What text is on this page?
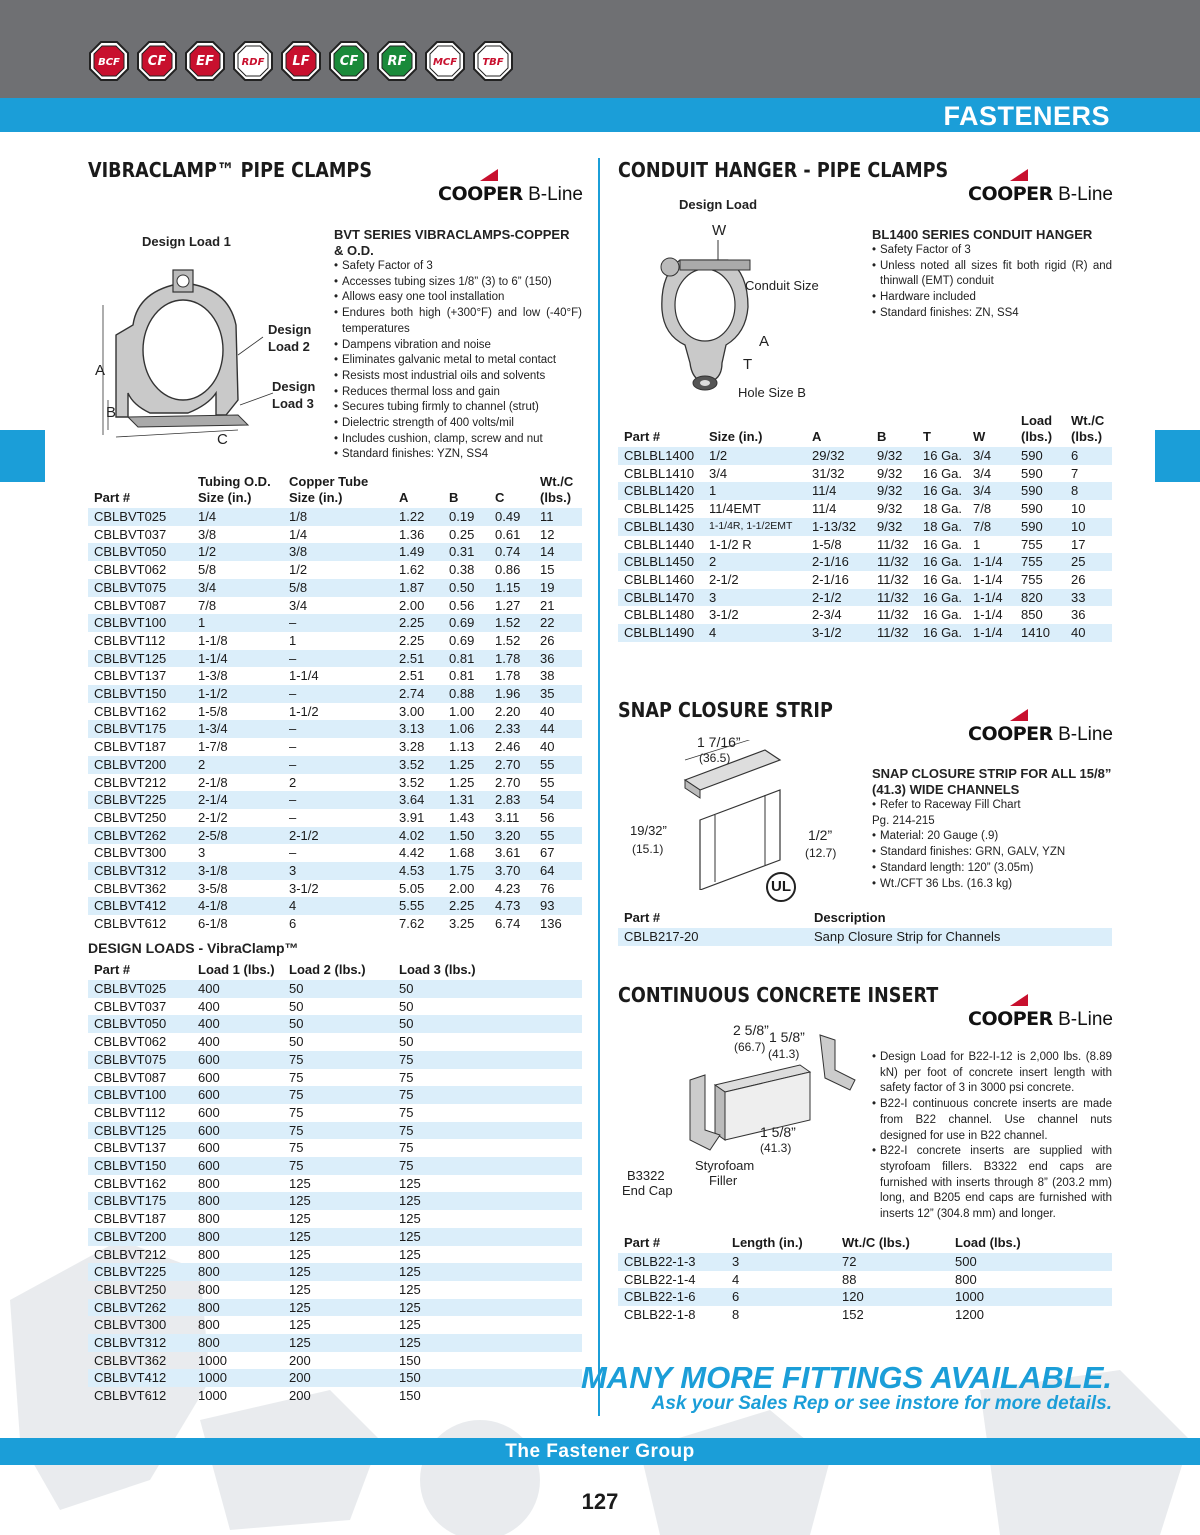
BCF CF EF	RDF LF CF RF	MCF	TBF
FASTENERS
VIBRACLAMP™ PIPE CLAMPS
COOPER B-Line
Design Load 1
Design Load 2
Design Load 3
A
B
C
BVT SERIES VIBRACLAMPS-COPPER & O.D.
• Safety Factor of 3
• Accesses tubing sizes 1/8” (3) to 6” (150)
• Allows easy one tool installation
• Endures both high (+300°F) and low (-40°F) temperatures
• Dampens vibration and noise
• Eliminates galvanic metal to metal contact
• Resists most industrial oils and solvents
• Reduces thermal loss and gain
• Secures tubing firmly to channel (strut)
• Dielectric strength of 400 volts/mil
• Includes cushion, clamp, screw and nut
• Standard finishes: YZN, SS4
Part #	Tubing O.D. Size (in.)	Copper Tube Size (in.)	A	B	C	Wt./C (lbs.)
CBLBVT025	1/4	1/8	1.22	0.19	0.49	11
CBLBVT037	3/8	1/4	1.36	0.25	0.61	12
CBLBVT050	1/2	3/8	1.49	0.31	0.74	14
CBLBVT062	5/8	1/2	1.62	0.38	0.86	15
CBLBVT075	3/4	5/8	1.87	0.50	1.15	19
CBLBVT087	7/8	3/4	2.00	0.56	1.27	21
CBLBVT100	1	–	2.25	0.69	1.52	22
CBLBVT112	1-1/8	1	2.25	0.69	1.52	26
CBLBVT125	1-1/4	–	2.51	0.81	1.78	36
CBLBVT137	1-3/8	1-1/4	2.51	0.81	1.78	38
CBLBVT150	1-1/2	–	2.74	0.88	1.96	35
CBLBVT162	1-5/8	1-1/2	3.00	1.00	2.20	40
CBLBVT175	1-3/4	–	3.13	1.06	2.33	44
CBLBVT187	1-7/8	–	3.28	1.13	2.46	40
CBLBVT200	2	–	3.52	1.25	2.70	55
CBLBVT212	2-1/8	2	3.52	1.25	2.70	55
CBLBVT225	2-1/4	–	3.64	1.31	2.83	54
CBLBVT250	2-1/2	–	3.91	1.43	3.11	56
CBLBVT262	2-5/8	2-1/2	4.02	1.50	3.20	55
CBLBVT300	3	–	4.42	1.68	3.61	67
CBLBVT312	3-1/8	3	4.53	1.75	3.70	64
CBLBVT362	3-5/8	3-1/2	5.05	2.00	4.23	76
CBLBVT412	4-1/8	4	5.55	2.25	4.73	93
CBLBVT612	6-1/8	6	7.62	3.25	6.74	136
DESIGN LOADS - VibraClamp™
Part #	Load 1 (lbs.)	Load 2 (lbs.)	Load 3 (lbs.)
CBLBVT025	400	50	50
CBLBVT037	400	50	50
CBLBVT050	400	50	50
CBLBVT062	400	50	50
CBLBVT075	600	75	75
CBLBVT087	600	75	75
CBLBVT100	600	75	75
CBLBVT112	600	75	75
CBLBVT125	600	75	75
CBLBVT137	600	75	75
CBLBVT150	600	75	75
CBLBVT162	800	125	125
CBLBVT175	800	125	125
CBLBVT187	800	125	125
CBLBVT200	800	125	125
CBLBVT212	800	125	125
CBLBVT225	800	125	125
CBLBVT250	800	125	125
CBLBVT262	800	125	125
CBLBVT300	800	125	125
CBLBVT312	800	125	125
CBLBVT362	1000	200	150
CBLBVT412	1000	200	150
CBLBVT612	1000	200	150
CONDUIT HANGER - PIPE CLAMPS
COOPER B-Line
Design Load
W
Conduit Size
A
T
Hole Size B
BL1400 SERIES CONDUIT HANGER
• Safety Factor of 3
• Unless noted all sizes fit both rigid (R) and thinwall (EMT) conduit
• Hardware included
• Standard finishes: ZN, SS4
Part #	Size (in.)	A	B	T	W	Load (lbs.)	Wt./C (lbs.)
CBLBL1400	1/2	29/32	9/32	16 Ga.	3/4	590	6
CBLBL1410	3/4	31/32	9/32	16 Ga.	3/4	590	7
CBLBL1420	1	11/4	9/32	16 Ga.	3/4	590	8
CBLBL1425	11/4EMT	11/4	9/32	18 Ga.	7/8	590	10
CBLBL1430	1-1/4R, 1-1/2EMT	1-13/32	9/32	18 Ga.	7/8	590	10
CBLBL1440	1-1/2 R	1-5/8	11/32	16 Ga.	1	755	17
CBLBL1450	2	2-1/16	11/32	16 Ga.	1-1/4	755	25
CBLBL1460	2-1/2	2-1/16	11/32	16 Ga.	1-1/4	755	26
CBLBL1470	3	2-1/2	11/32	16 Ga.	1-1/4	820	33
CBLBL1480	3-1/2	2-3/4	11/32	16 Ga.	1-1/4	850	36
CBLBL1490	4	3-1/2	11/32	16 Ga.	1-1/4	1410	40
SNAP CLOSURE STRIP
COOPER B-Line
1 7/16”
(36.5)
19/32”
(15.1)
1/2”
(12.7)
UL
SNAP CLOSURE STRIP FOR ALL 15/8” (41.3) WIDE CHANNELS
• Refer to Raceway Fill Chart
Pg. 214-215
• Material: 20 Gauge (.9)
• Standard finishes: GRN, GALV, YZN
• Standard length: 120” (3.05m)
• Wt./CFT 36 Lbs. (16.3 kg)
Part #	Description
CBLB217-20	Sanp Closure Strip for Channels
CONTINUOUS CONCRETE INSERT
COOPER B-Line
2 5/8”
(66.7)
1 5/8”
(41.3)
1 5/8”
(41.3)
Styrofoam
Filler
B3322
End Cap
• Design Load for B22-I-12 is 2,000 lbs. (8.89 kN) per foot of concrete insert length with safety factor of 3 in 3000 psi concrete.
• B22-I continuous concrete inserts are made from B22 channel. Use channel nuts designed for use in B22 channel.
• B22-I concrete inserts are supplied with styrofoam fillers. B3322 end caps are furnished with inserts through 8” (203.2 mm) long, and B205 end caps are furnished with inserts 12” (304.8 mm) and longer.
Part #	Length (in.)	Wt./C (lbs.)	Load (lbs.)
CBLB22-1-3	3	72	500
CBLB22-1-4	4	88	800
CBLB22-1-6	6	120	1000
CBLB22-1-8	8	152	1200
MANY MORE FITTINGS AVAILABLE.
Ask your Sales Rep or see instore for more details.
The Fastener Group
127
